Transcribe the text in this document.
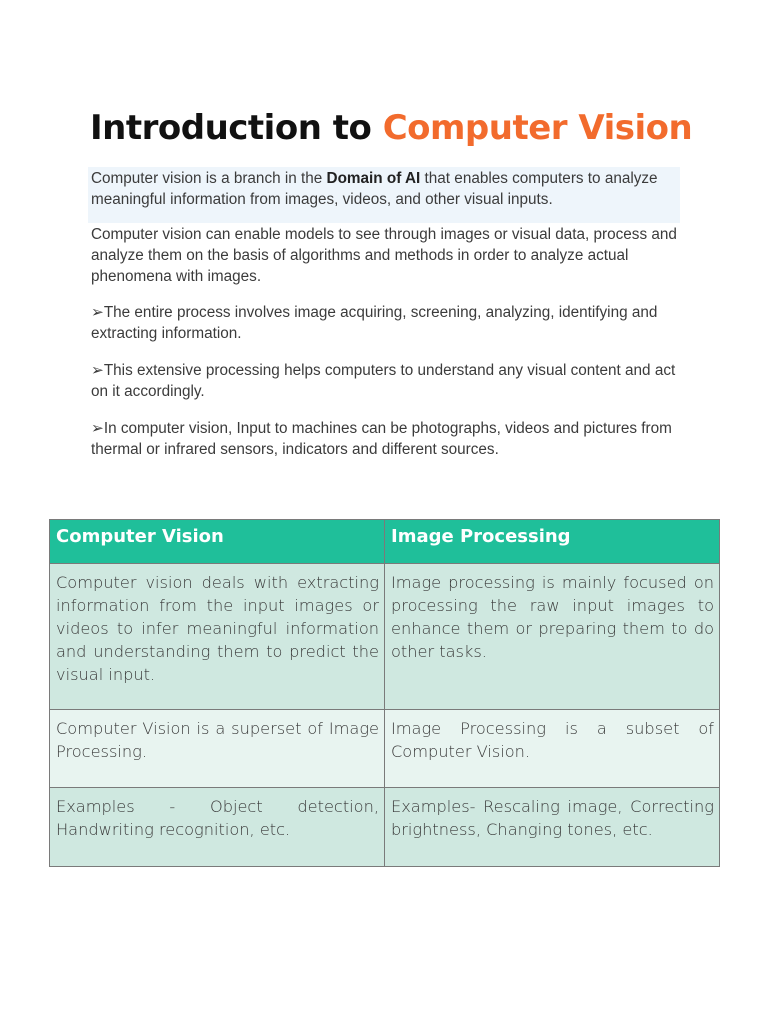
Introduction to Computer Vision

Computer vision is a branch in the Domain of AI that enables computers to analyze meaningful information from images, videos, and other visual inputs.

Computer vision can enable models to see through images or visual data, process and analyze them on the basis of algorithms and methods in order to analyze actual phenomena with images.

➢The entire process involves image acquiring, screening, analyzing, identifying and extracting information.

➢This extensive processing helps computers to understand any visual content and act on it accordingly.

➢In computer vision, Input to machines can be photographs, videos and pictures from thermal or infrared sensors, indicators and different sources.

Computer Vision	Image Processing
Computer vision deals with extracting information from the input images or videos to infer meaningful information and understanding them to predict the visual input.	Image processing is mainly focused on processing the raw input images to enhance them or preparing them to do other tasks.
Computer Vision is a superset of Image Processing.	Image Processing is a subset of Computer Vision.
Examples - Object detection, Handwriting recognition, etc.	Examples- Rescaling image, Correcting brightness, Changing tones, etc.
